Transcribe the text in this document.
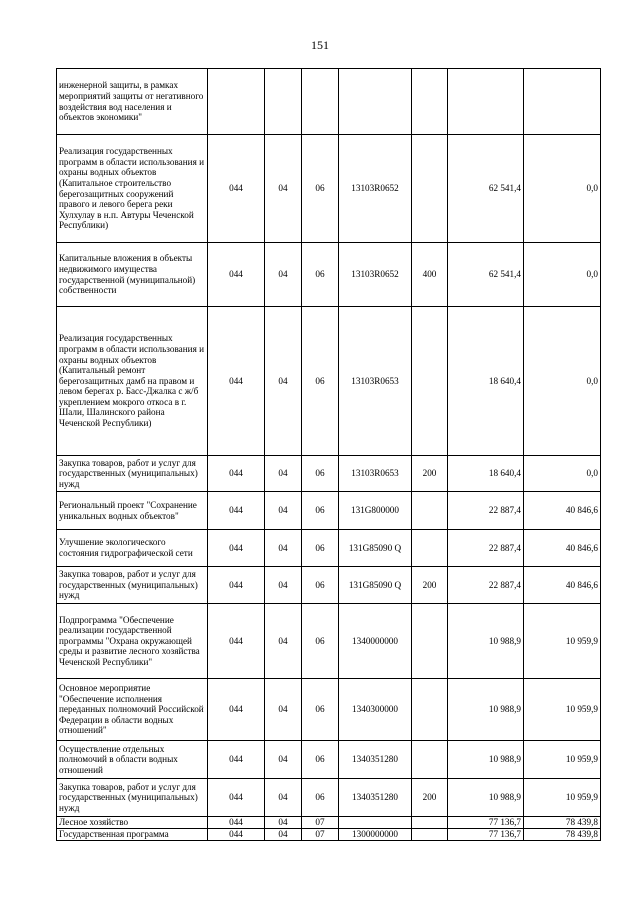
151
инженерной защиты, в рамках мероприятий защиты от негативного воздействия вод населения и объектов экономики"							
Реализация государственных программ в области использования и охраны водных объектов (Капитальное строительство берегозащитных сооружений правого и левого берега реки Хулхулау в н.п. Автуры Чеченской Республики)	044	04	06	13103R0652		62 541,4	0,0
Капитальные вложения в объекты недвижимого имущества государственной (муниципальной) собственности	044	04	06	13103R0652	400	62 541,4	0,0
Реализация государственных программ в области использования и охраны водных объектов (Капитальный ремонт берегозащитных дамб на правом и левом берегах р. Басс-Джалка с ж/б укреплением мокрого откоса в г. Шали, Шалинского района Чеченской Республики)	044	04	06	13103R0653		18 640,4	0,0
Закупка товаров, работ и услуг для государственных (муниципальных) нужд	044	04	06	13103R0653	200	18 640,4	0,0
Региональный проект "Сохранение уникальных водных объектов"	044	04	06	131G800000		22 887,4	40 846,6
Улучшение экологического состояния гидрографической сети	044	04	06	131G85090 Q		22 887,4	40 846,6
Закупка товаров, работ и услуг для государственных (муниципальных) нужд	044	04	06	131G85090 Q	200	22 887,4	40 846,6
Подпрограмма "Обеспечение реализации государственной программы "Охрана окружающей среды и развитие лесного хозяйства Чеченской Республики"	044	04	06	1340000000		10 988,9	10 959,9
Основное мероприятие "Обеспечение исполнения переданных полномочий Российской Федерации в области водных отношений"	044	04	06	1340300000		10 988,9	10 959,9
Осуществление отдельных полномочий в области водных отношений	044	04	06	1340351280		10 988,9	10 959,9
Закупка товаров, работ и услуг для государственных (муниципальных) нужд	044	04	06	1340351280	200	10 988,9	10 959,9
Лесное хозяйство	044	04	07			77 136,7	78 439,8
Государственная программа	044	04	07	1300000000		77 136,7	78 439,8
